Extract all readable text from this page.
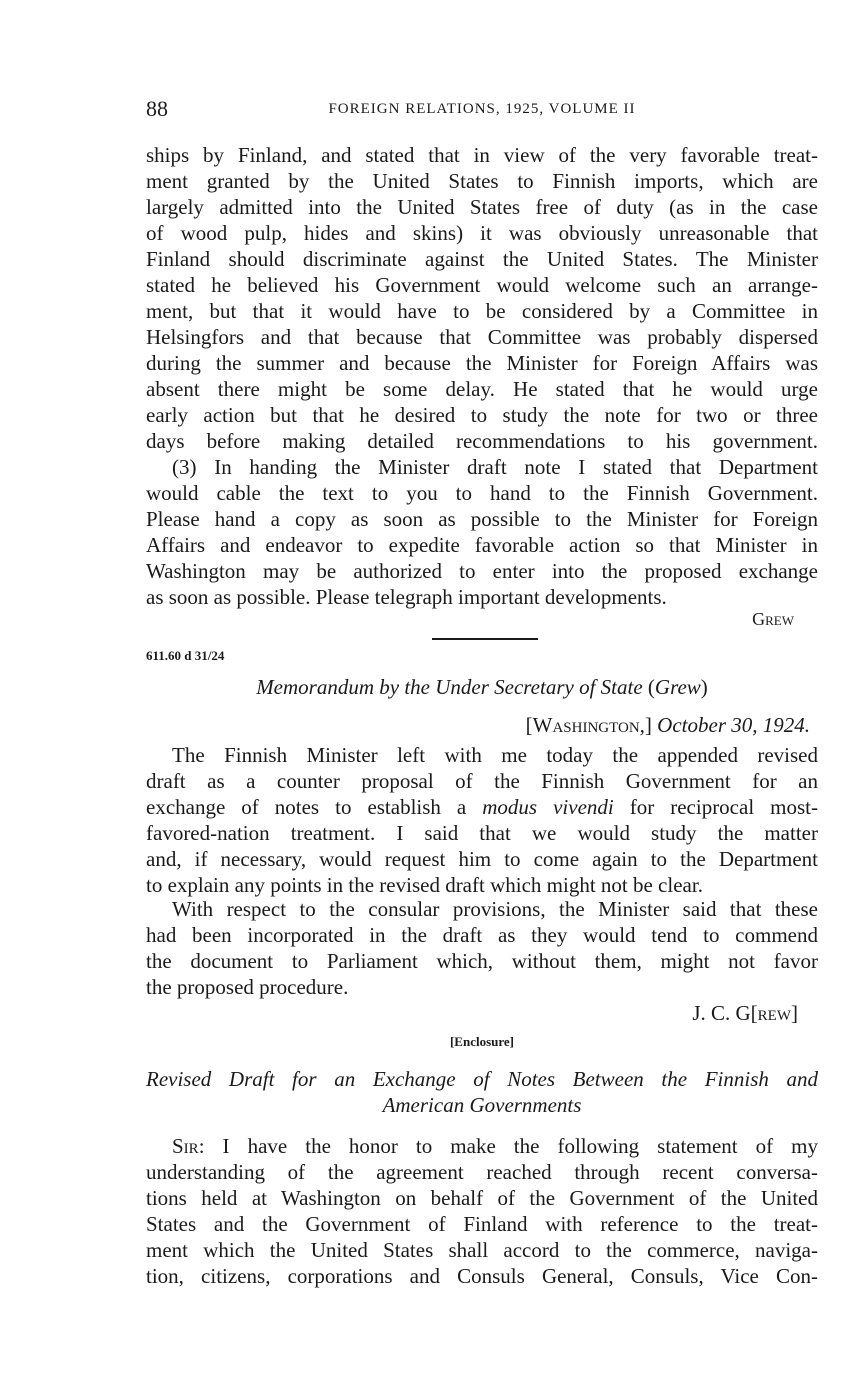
88	FOREIGN RELATIONS, 1925, VOLUME II
ships by Finland, and stated that in view of the very favorable treat-
ment granted by the United States to Finnish imports, which are
largely admitted into the United States free of duty (as in the case
of wood pulp, hides and skins) it was obviously unreasonable that
Finland should discriminate against the United States. The Minister
stated he believed his Government would welcome such an arrange-
ment, but that it would have to be considered by a Committee in
Helsingfors and that because that Committee was probably dispersed
during the summer and because the Minister for Foreign Affairs was
absent there might be some delay. He stated that he would urge
early action but that he desired to study the note for two or three
days before making detailed recommendations to his government.
(3) In handing the Minister draft note I stated that Department
would cable the text to you to hand to the Finnish Government.
Please hand a copy as soon as possible to the Minister for Foreign
Affairs and endeavor to expedite favorable action so that Minister in
Washington may be authorized to enter into the proposed exchange
as soon as possible. Please telegraph important developments.
Grew
611.60 d 31/24
Memorandum by the Under Secretary of State (Grew)
[Washington,] October 30, 1924.
The Finnish Minister left with me today the appended revised
draft as a counter proposal of the Finnish Government for an
exchange of notes to establish a modus vivendi for reciprocal most-
favored-nation treatment. I said that we would study the matter
and, if necessary, would request him to come again to the Department
to explain any points in the revised draft which might not be clear.
With respect to the consular provisions, the Minister said that these
had been incorporated in the draft as they would tend to commend
the document to Parliament which, without them, might not favor
the proposed procedure.
J. C. G[rew]
[Enclosure]
Revised Draft for an Exchange of Notes Between the Finnish and
American Governments
Sir: I have the honor to make the following statement of my
understanding of the agreement reached through recent conversa-
tions held at Washington on behalf of the Government of the United
States and the Government of Finland with reference to the treat-
ment which the United States shall accord to the commerce, naviga-
tion, citizens, corporations and Consuls General, Consuls, Vice Con-
